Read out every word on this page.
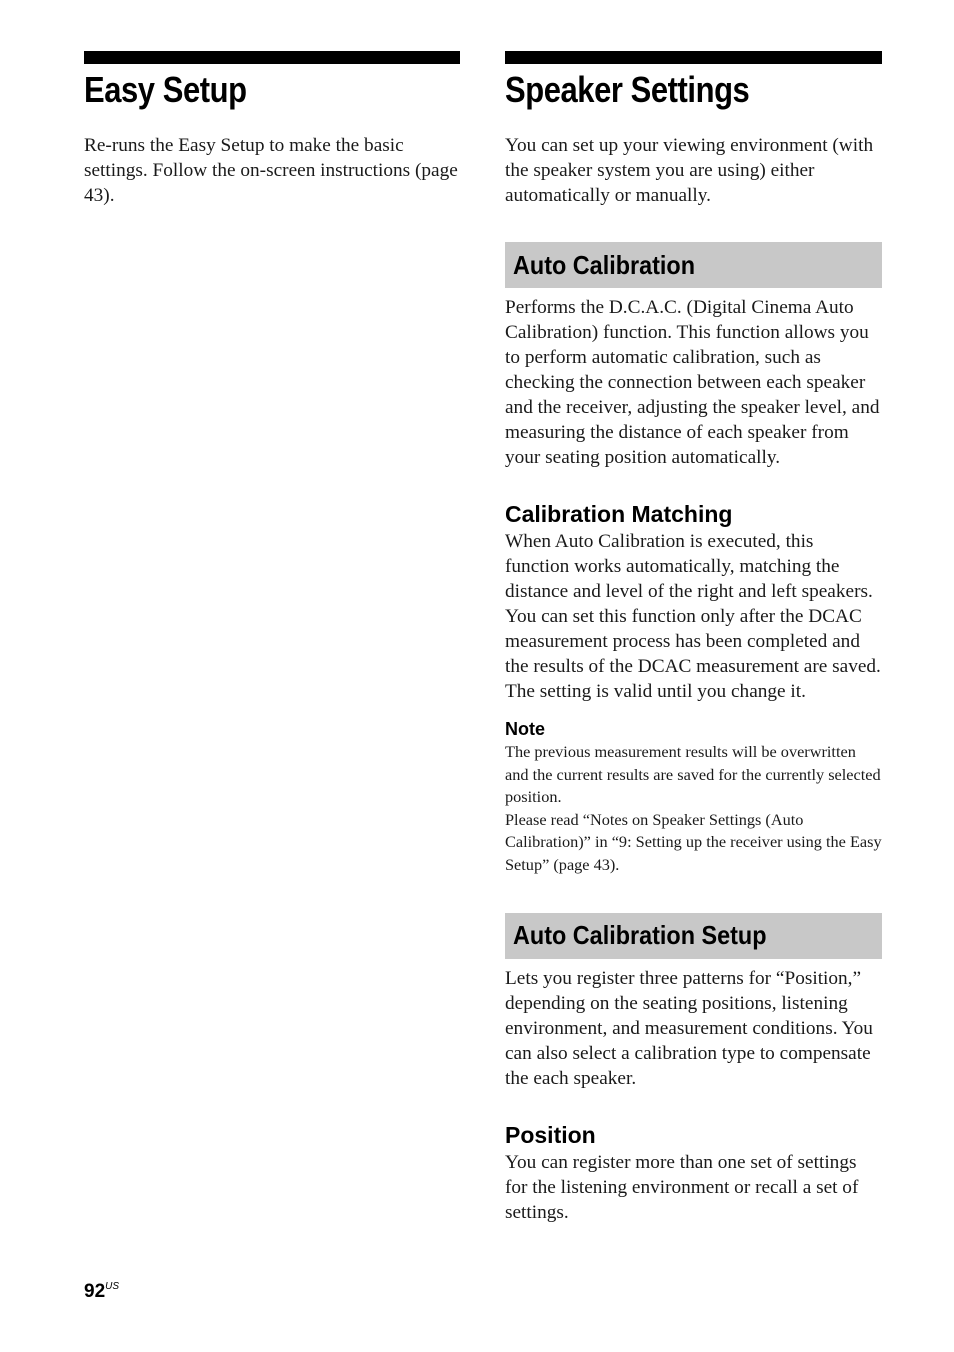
Easy Setup

Re-runs the Easy Setup to make the basic settings. Follow the on-screen instructions (page 43).

Speaker Settings

You can set up your viewing environment (with the speaker system you are using) either automatically or manually.

Auto Calibration

Performs the D.C.A.C. (Digital Cinema Auto Calibration) function. This function allows you to perform automatic calibration, such as checking the connection between each speaker and the receiver, adjusting the speaker level, and measuring the distance of each speaker from your seating position automatically.

Calibration Matching

When Auto Calibration is executed, this function works automatically, matching the distance and level of the right and left speakers. You can set this function only after the DCAC measurement process has been completed and the results of the DCAC measurement are saved. The setting is valid until you change it.

Note

The previous measurement results will be overwritten and the current results are saved for the currently selected position.

Please read “Notes on Speaker Settings (Auto Calibration)” in “9: Setting up the receiver using the Easy Setup” (page 43).

Auto Calibration Setup

Lets you register three patterns for “Position,” depending on the seating positions, listening environment, and measurement conditions. You can also select a calibration type to compensate the each speaker.

Position

You can register more than one set of settings for the listening environment or recall a set of settings.

$92^{US}$
